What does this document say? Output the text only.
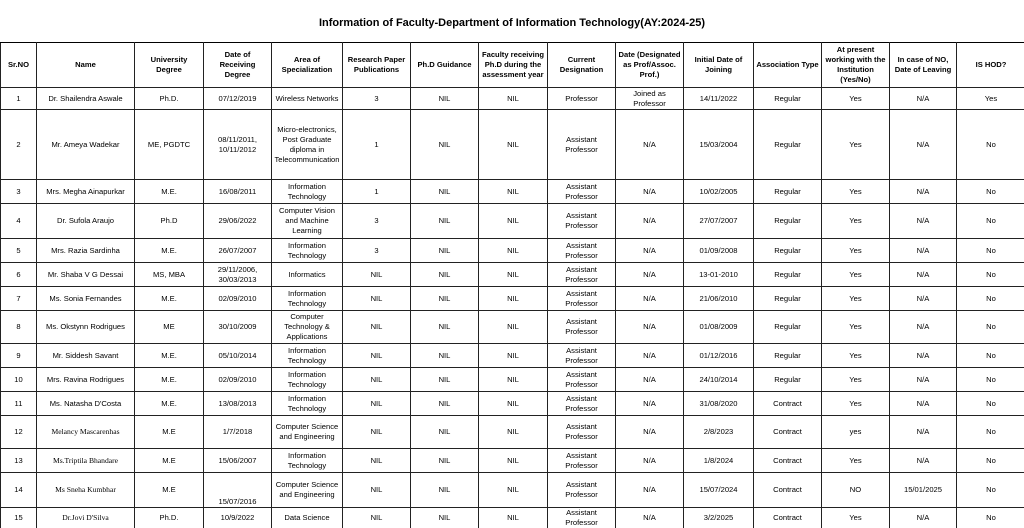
Information of Faculty-Department of Information Technology(AY:2024-25)
Sr.NO	Name	University Degree	Date of Receiving Degree	Area of Specialization	Research Paper Publications	Ph.D Guidance	Faculty receiving Ph.D during the assessment year	Current Designation	Date (Designated as Prof/Assoc. Prof.)	Initial Date of Joining	Association Type	At present working with the Institution (Yes/No)	In case of NO, Date of Leaving	IS HOD?
1	Dr. Shailendra Aswale	Ph.D.	07/12/2019	Wireless Networks	3	NIL	NIL	Professor	Joined as Professor	14/11/2022	Regular	Yes	N/A	Yes
2	Mr. Ameya Wadekar	ME, PGDTC	08/11/2011, 10/11/2012	Micro-electronics, Post Graduate diploma in Telecommunication	1	NIL	NIL	Assistant Professor	N/A	15/03/2004	Regular	Yes	N/A	No
3	Mrs. Megha Ainapurkar	M.E.	16/08/2011	Information Technology	1	NIL	NIL	Assistant Professor	N/A	10/02/2005	Regular	Yes	N/A	No
4	Dr. Sufola Araujo	Ph.D	29/06/2022	Computer Vision and Machine Learning	3	NIL	NIL	Assistant Professor	N/A	27/07/2007	Regular	Yes	N/A	No
5	Mrs. Razia Sardinha	M.E.	26/07/2007	Information Technology	3	NIL	NIL	Assistant Professor	N/A	01/09/2008	Regular	Yes	N/A	No
6	Mr. Shaba V G Dessai	MS, MBA	29/11/2006, 30/03/2013	Informatics	NIL	NIL	NIL	Assistant Professor	N/A	13-01-2010	Regular	Yes	N/A	No
7	Ms. Sonia Fernandes	M.E.	02/09/2010	Information Technology	NIL	NIL	NIL	Assistant Professor	N/A	21/06/2010	Regular	Yes	N/A	No
8	Ms. Okstynn Rodrigues	ME	30/10/2009	Computer Technology & Applications	NIL	NIL	NIL	Assistant Professor	N/A	01/08/2009	Regular	Yes	N/A	No
9	Mr. Siddesh Savant	M.E.	05/10/2014	Information Technology	NIL	NIL	NIL	Assistant Professor	N/A	01/12/2016	Regular	Yes	N/A	No
10	Mrs. Ravina Rodrigues	M.E.	02/09/2010	Information Technology	NIL	NIL	NIL	Assistant Professor	N/A	24/10/2014	Regular	Yes	N/A	No
11	Ms. Natasha D'Costa	M.E.	13/08/2013	Information Technology	NIL	NIL	NIL	Assistant Professor	N/A	31/08/2020	Contract	Yes	N/A	No
12	Melancy Mascarenhas	M.E	1/7/2018	Computer Science and Engineering	NIL	NIL	NIL	Assistant Professor	N/A	2/8/2023	Contract	yes	N/A	No
13	Ms.Triptila Bhandare	M.E	15/06/2007	Information Technology	NIL	NIL	NIL	Assistant Professor	N/A	1/8/2024	Contract	Yes	N/A	No
14	Ms Sneha Kumbhar	M.E	15/07/2016	Computer Science and Engineering	NIL	NIL	NIL	Assistant Professor	N/A	15/07/2024	Contract	NO	15/01/2025	No
15	Dr.Jovi D'Silva	Ph.D.	10/9/2022	Data Science	NIL	NIL	NIL	Assistant Professor	N/A	3/2/2025	Contract	Yes	N/A	No
